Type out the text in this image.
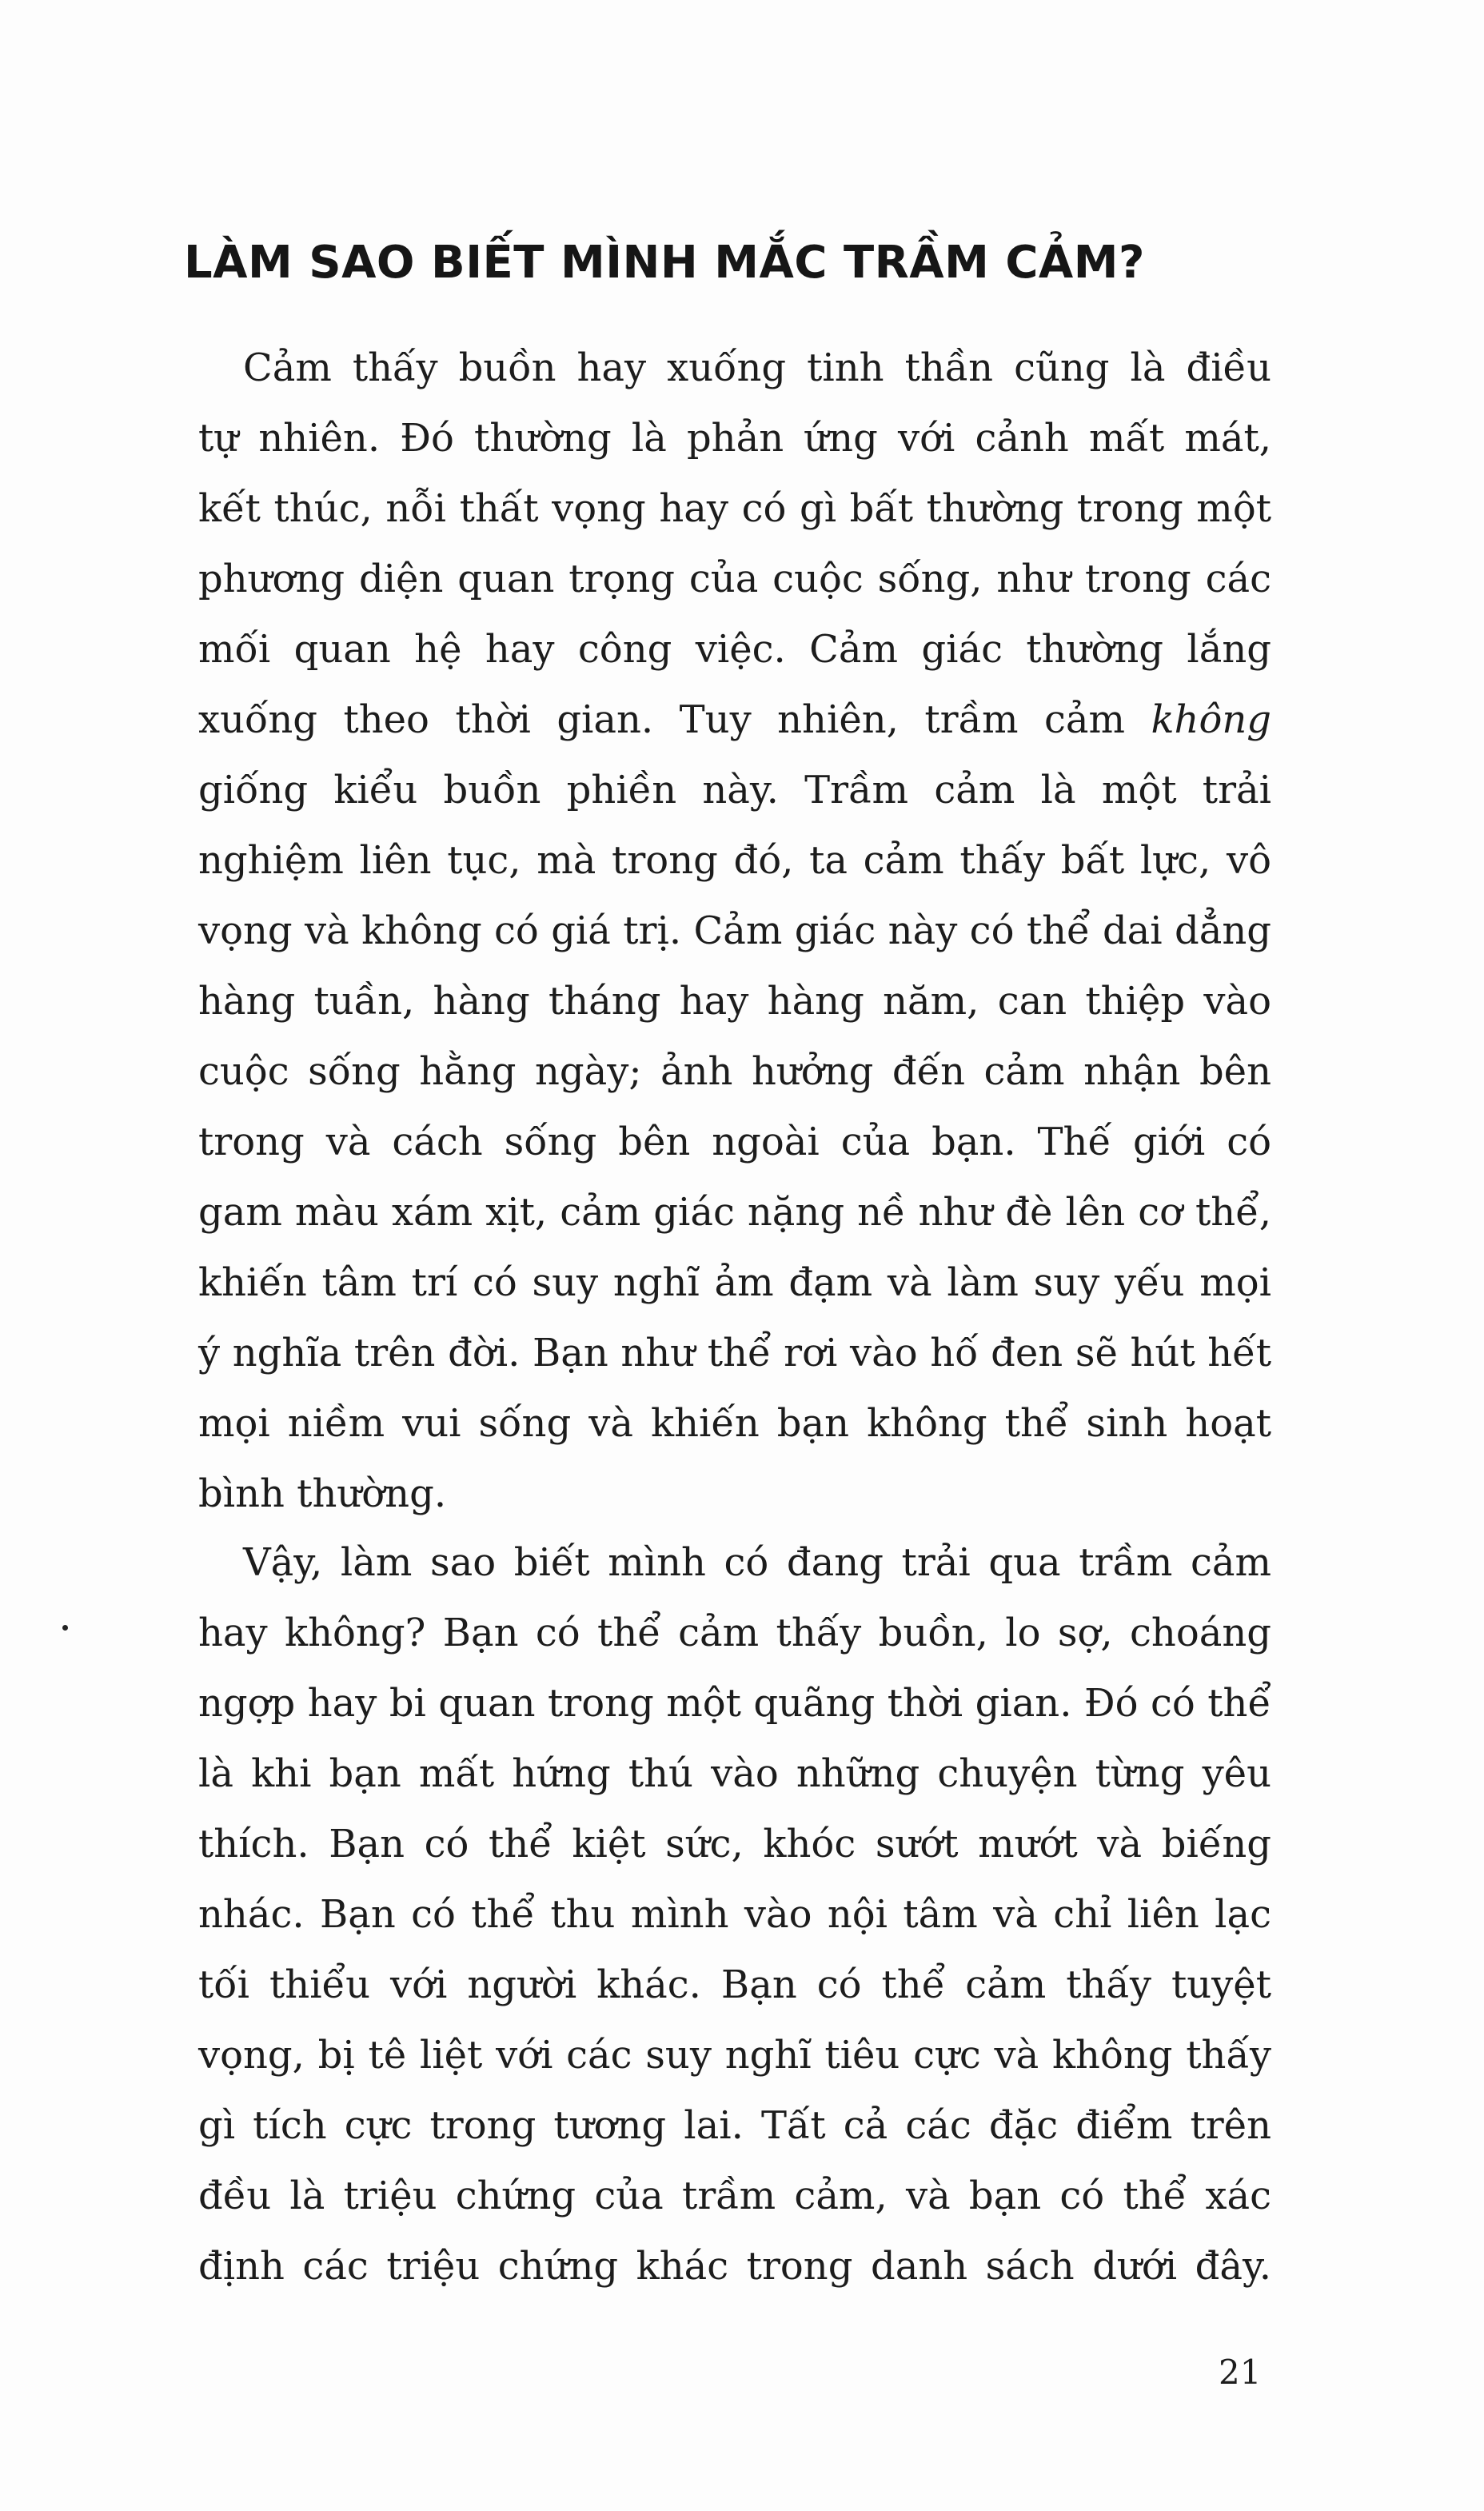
LÀM SAO BIẾT MÌNH MẮC TRẦM CẢM?
Cảm thấy buồn hay xuống tinh thần cũng là điều
tự nhiên. Đó thường là phản ứng với cảnh mất mát,
kết thúc, nỗi thất vọng hay có gì bất thường trong một
phương diện quan trọng của cuộc sống, như trong các
mối quan hệ hay công việc. Cảm giác thường lắng
xuống theo thời gian. Tuy nhiên, trầm cảm không
giống kiểu buồn phiền này. Trầm cảm là một trải
nghiệm liên tục, mà trong đó, ta cảm thấy bất lực, vô
vọng và không có giá trị. Cảm giác này có thể dai dẳng
hàng tuần, hàng tháng hay hàng năm, can thiệp vào
cuộc sống hằng ngày; ảnh hưởng đến cảm nhận bên
trong và cách sống bên ngoài của bạn. Thế giới có
gam màu xám xịt, cảm giác nặng nề như đè lên cơ thể,
khiến tâm trí có suy nghĩ ảm đạm và làm suy yếu mọi
ý nghĩa trên đời. Bạn như thể rơi vào hố đen sẽ hút hết
mọi niềm vui sống và khiến bạn không thể sinh hoạt
bình thường.
Vậy, làm sao biết mình có đang trải qua trầm cảm
hay không? Bạn có thể cảm thấy buồn, lo sợ, choáng
ngợp hay bi quan trong một quãng thời gian. Đó có thể
là khi bạn mất hứng thú vào những chuyện từng yêu
thích. Bạn có thể kiệt sức, khóc sướt mướt và biếng
nhác. Bạn có thể thu mình vào nội tâm và chỉ liên lạc
tối thiểu với người khác. Bạn có thể cảm thấy tuyệt
vọng, bị tê liệt với các suy nghĩ tiêu cực và không thấy
gì tích cực trong tương lai. Tất cả các đặc điểm trên
đều là triệu chứng của trầm cảm, và bạn có thể xác
định các triệu chứng khác trong danh sách dưới đây.
21
